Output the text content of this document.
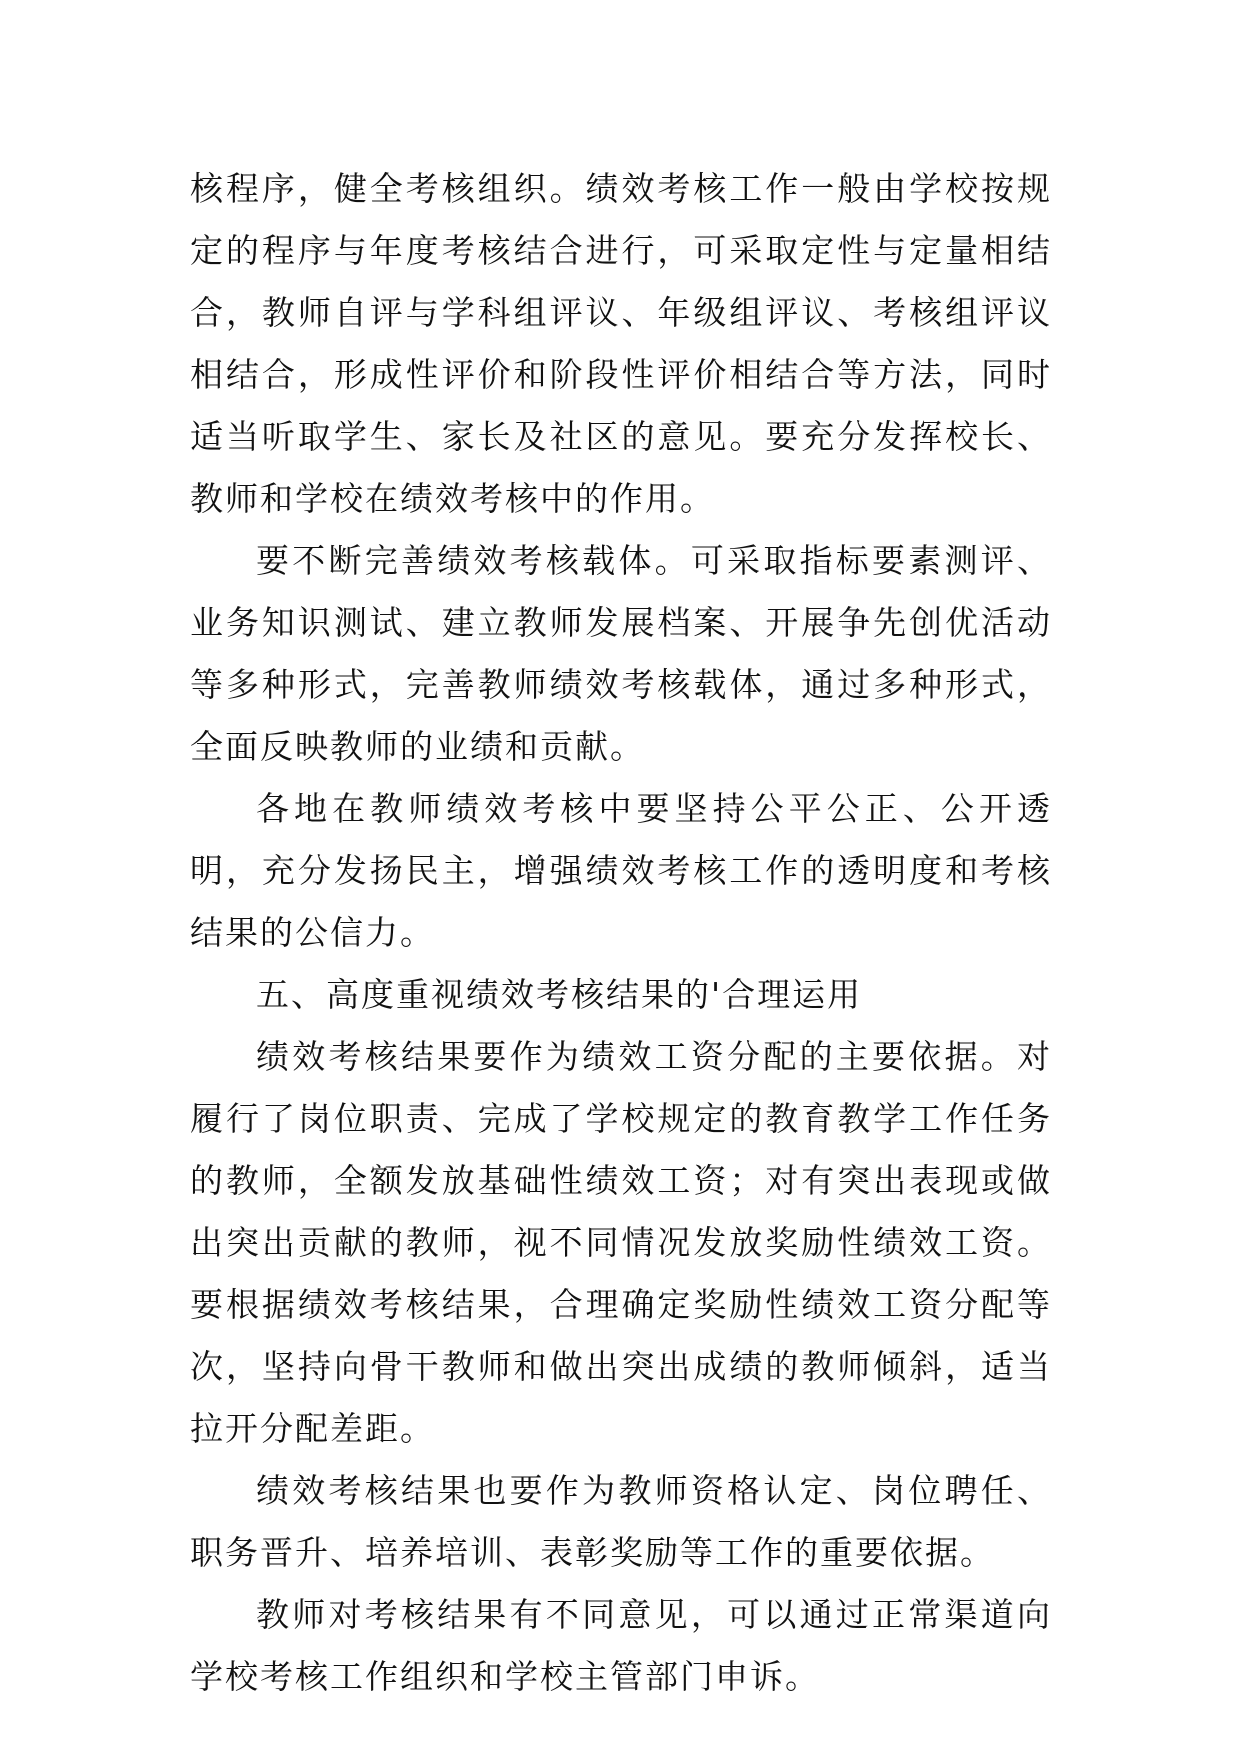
核程序，健全考核组织。绩效考核工作一般由学校按规定的程序与年度考核结合进行，可采取定性与定量相结合，教师自评与学科组评议、年级组评议、考核组评议相结合，形成性评价和阶段性评价相结合等方法，同时适当听取学生、家长及社区的意见。要充分发挥校长、教师和学校在绩效考核中的作用。

要不断完善绩效考核载体。可采取指标要素测评、业务知识测试、建立教师发展档案、开展争先创优活动等多种形式，完善教师绩效考核载体，通过多种形式，全面反映教师的业绩和贡献。

各地在教师绩效考核中要坚持公平公正、公开透明，充分发扬民主，增强绩效考核工作的透明度和考核结果的公信力。

五、高度重视绩效考核结果的'合理运用

绩效考核结果要作为绩效工资分配的主要依据。对履行了岗位职责、完成了学校规定的教育教学工作任务的教师，全额发放基础性绩效工资；对有突出表现或做出突出贡献的教师，视不同情况发放奖励性绩效工资。要根据绩效考核结果，合理确定奖励性绩效工资分配等次，坚持向骨干教师和做出突出成绩的教师倾斜，适当拉开分配差距。

绩效考核结果也要作为教师资格认定、岗位聘任、职务晋升、培养培训、表彰奖励等工作的重要依据。

教师对考核结果有不同意见，可以通过正常渠道向学校考核工作组织和学校主管部门申诉。
